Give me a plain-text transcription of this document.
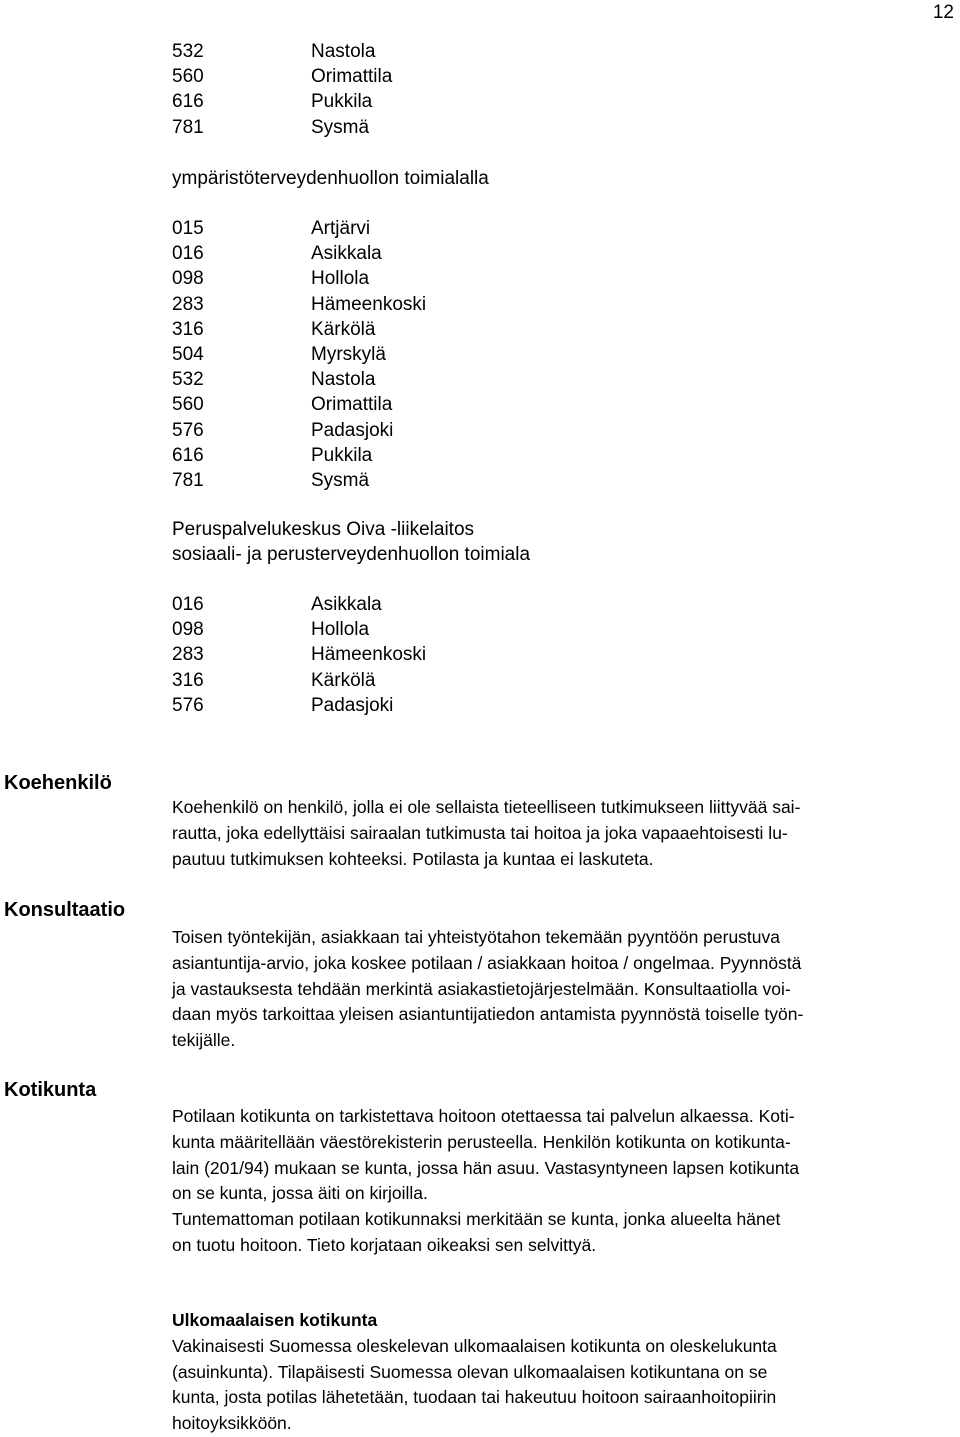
12
532	Nastola
560	Orimattila
616	Pukkila
781	Sysmä
ympäristöterveydenhuollon toimialalla
015	Artjärvi
016	Asikkala
098	Hollola
283	Hämeenkoski
316	Kärkölä
504	Myrskylä
532	Nastola
560	Orimattila
576	Padasjoki
616	Pukkila
781	Sysmä
Peruspalvelukeskus Oiva -liikelaitos
sosiaali- ja perusterveydenhuollon toimiala
016	Asikkala
098	Hollola
283	Hämeenkoski
316	Kärkölä
576	Padasjoki
Koehenkilö
Koehenkilö on henkilö, jolla ei ole sellaista tieteelliseen tutkimukseen liittyvää sai-
rautta, joka edellyttäisi sairaalan tutkimusta tai hoitoa ja joka vapaaehtoisesti lu-
pautuu tutkimuksen kohteeksi. Potilasta ja kuntaa ei laskuteta.
Konsultaatio
Toisen työntekijän, asiakkaan tai yhteistyötahon tekemään pyyntöön perustuva
asiantuntija-arvio, joka koskee potilaan / asiakkaan hoitoa / ongelmaa. Pyynnöstä
ja vastauksesta tehdään merkintä asiakastietojärjestelmään. Konsultaatiolla voi-
daan myös tarkoittaa yleisen asiantuntijatiedon antamista pyynnöstä toiselle työn-
tekijälle.
Kotikunta
Potilaan kotikunta on tarkistettava hoitoon otettaessa tai palvelun alkaessa. Koti-
kunta määritellään väestörekisterin perusteella. Henkilön kotikunta on kotikunta-
lain (201/94) mukaan se kunta, jossa hän asuu. Vastasyntyneen lapsen kotikunta
on se kunta, jossa äiti on kirjoilla.
Tuntemattoman potilaan kotikunnaksi merkitään se kunta, jonka alueelta hänet
on tuotu hoitoon. Tieto korjataan oikeaksi sen selvittyä.
Ulkomaalaisen kotikunta
Vakinaisesti Suomessa oleskelevan ulkomaalaisen kotikunta on oleskelukunta
(asuinkunta). Tilapäisesti Suomessa olevan ulkomaalaisen kotikuntana on se
kunta, josta potilas lähetetään, tuodaan tai hakeutuu hoitoon sairaanhoitopiirin
hoitoyksikköön.
